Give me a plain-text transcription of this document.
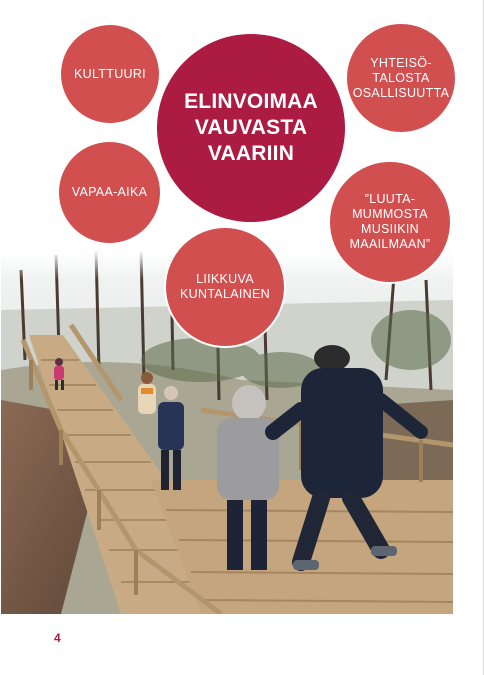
KULTTUURI
VAPAA-AIKA
ELINVOIMAA
VAUVASTA
VAARIIN
YHTEISÖ-
TALOSTA
OSALLISUUTTA
”LUUTA-
MUMMOSTA
MUSIIKIN
MAAILMAAN”
LIIKKUVA
KUNTALAINEN
4
